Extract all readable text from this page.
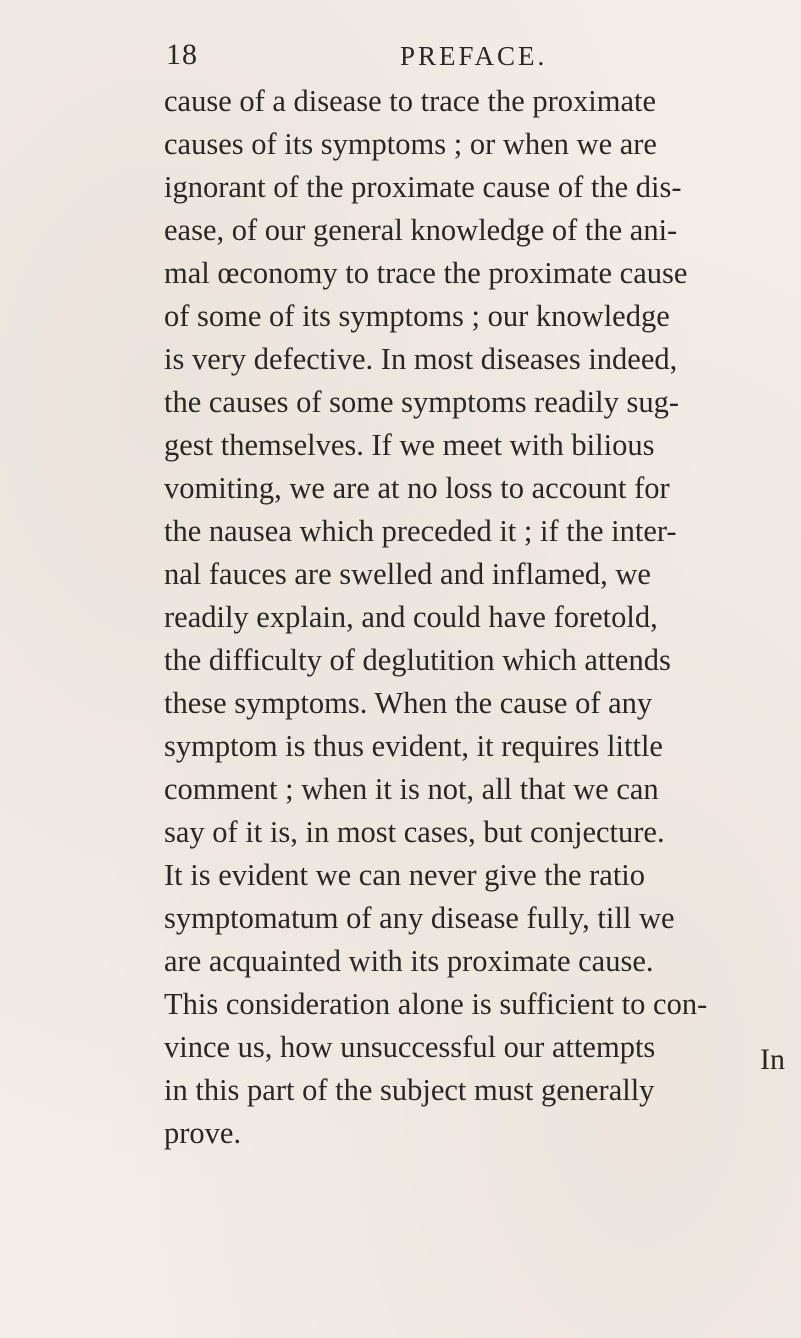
18	PREFACE.
cause of a disease to trace the proximate
causes of its symptoms ; or when we are
ignorant of the proximate cause of the dis-
ease, of our general knowledge of the ani-
mal œconomy to trace the proximate cause
of some of its symptoms ; our knowledge
is very defective. In most diseases indeed,
the causes of some symptoms readily sug-
gest themselves. If we meet with bilious
vomiting, we are at no loss to account for
the nausea which preceded it ; if the inter-
nal fauces are swelled and inflamed, we
readily explain, and could have foretold,
the difficulty of deglutition which attends
these symptoms. When the cause of any
symptom is thus evident, it requires little
comment ; when it is not, all that we can
say of it is, in most cases, but conjecture.
It is evident we can never give the ratio
symptomatum of any disease fully, till we
are acquainted with its proximate cause.
This consideration alone is sufficient to con-
vince us, how unsuccessful our attempts
in this part of the subject must generally
prove.
In
